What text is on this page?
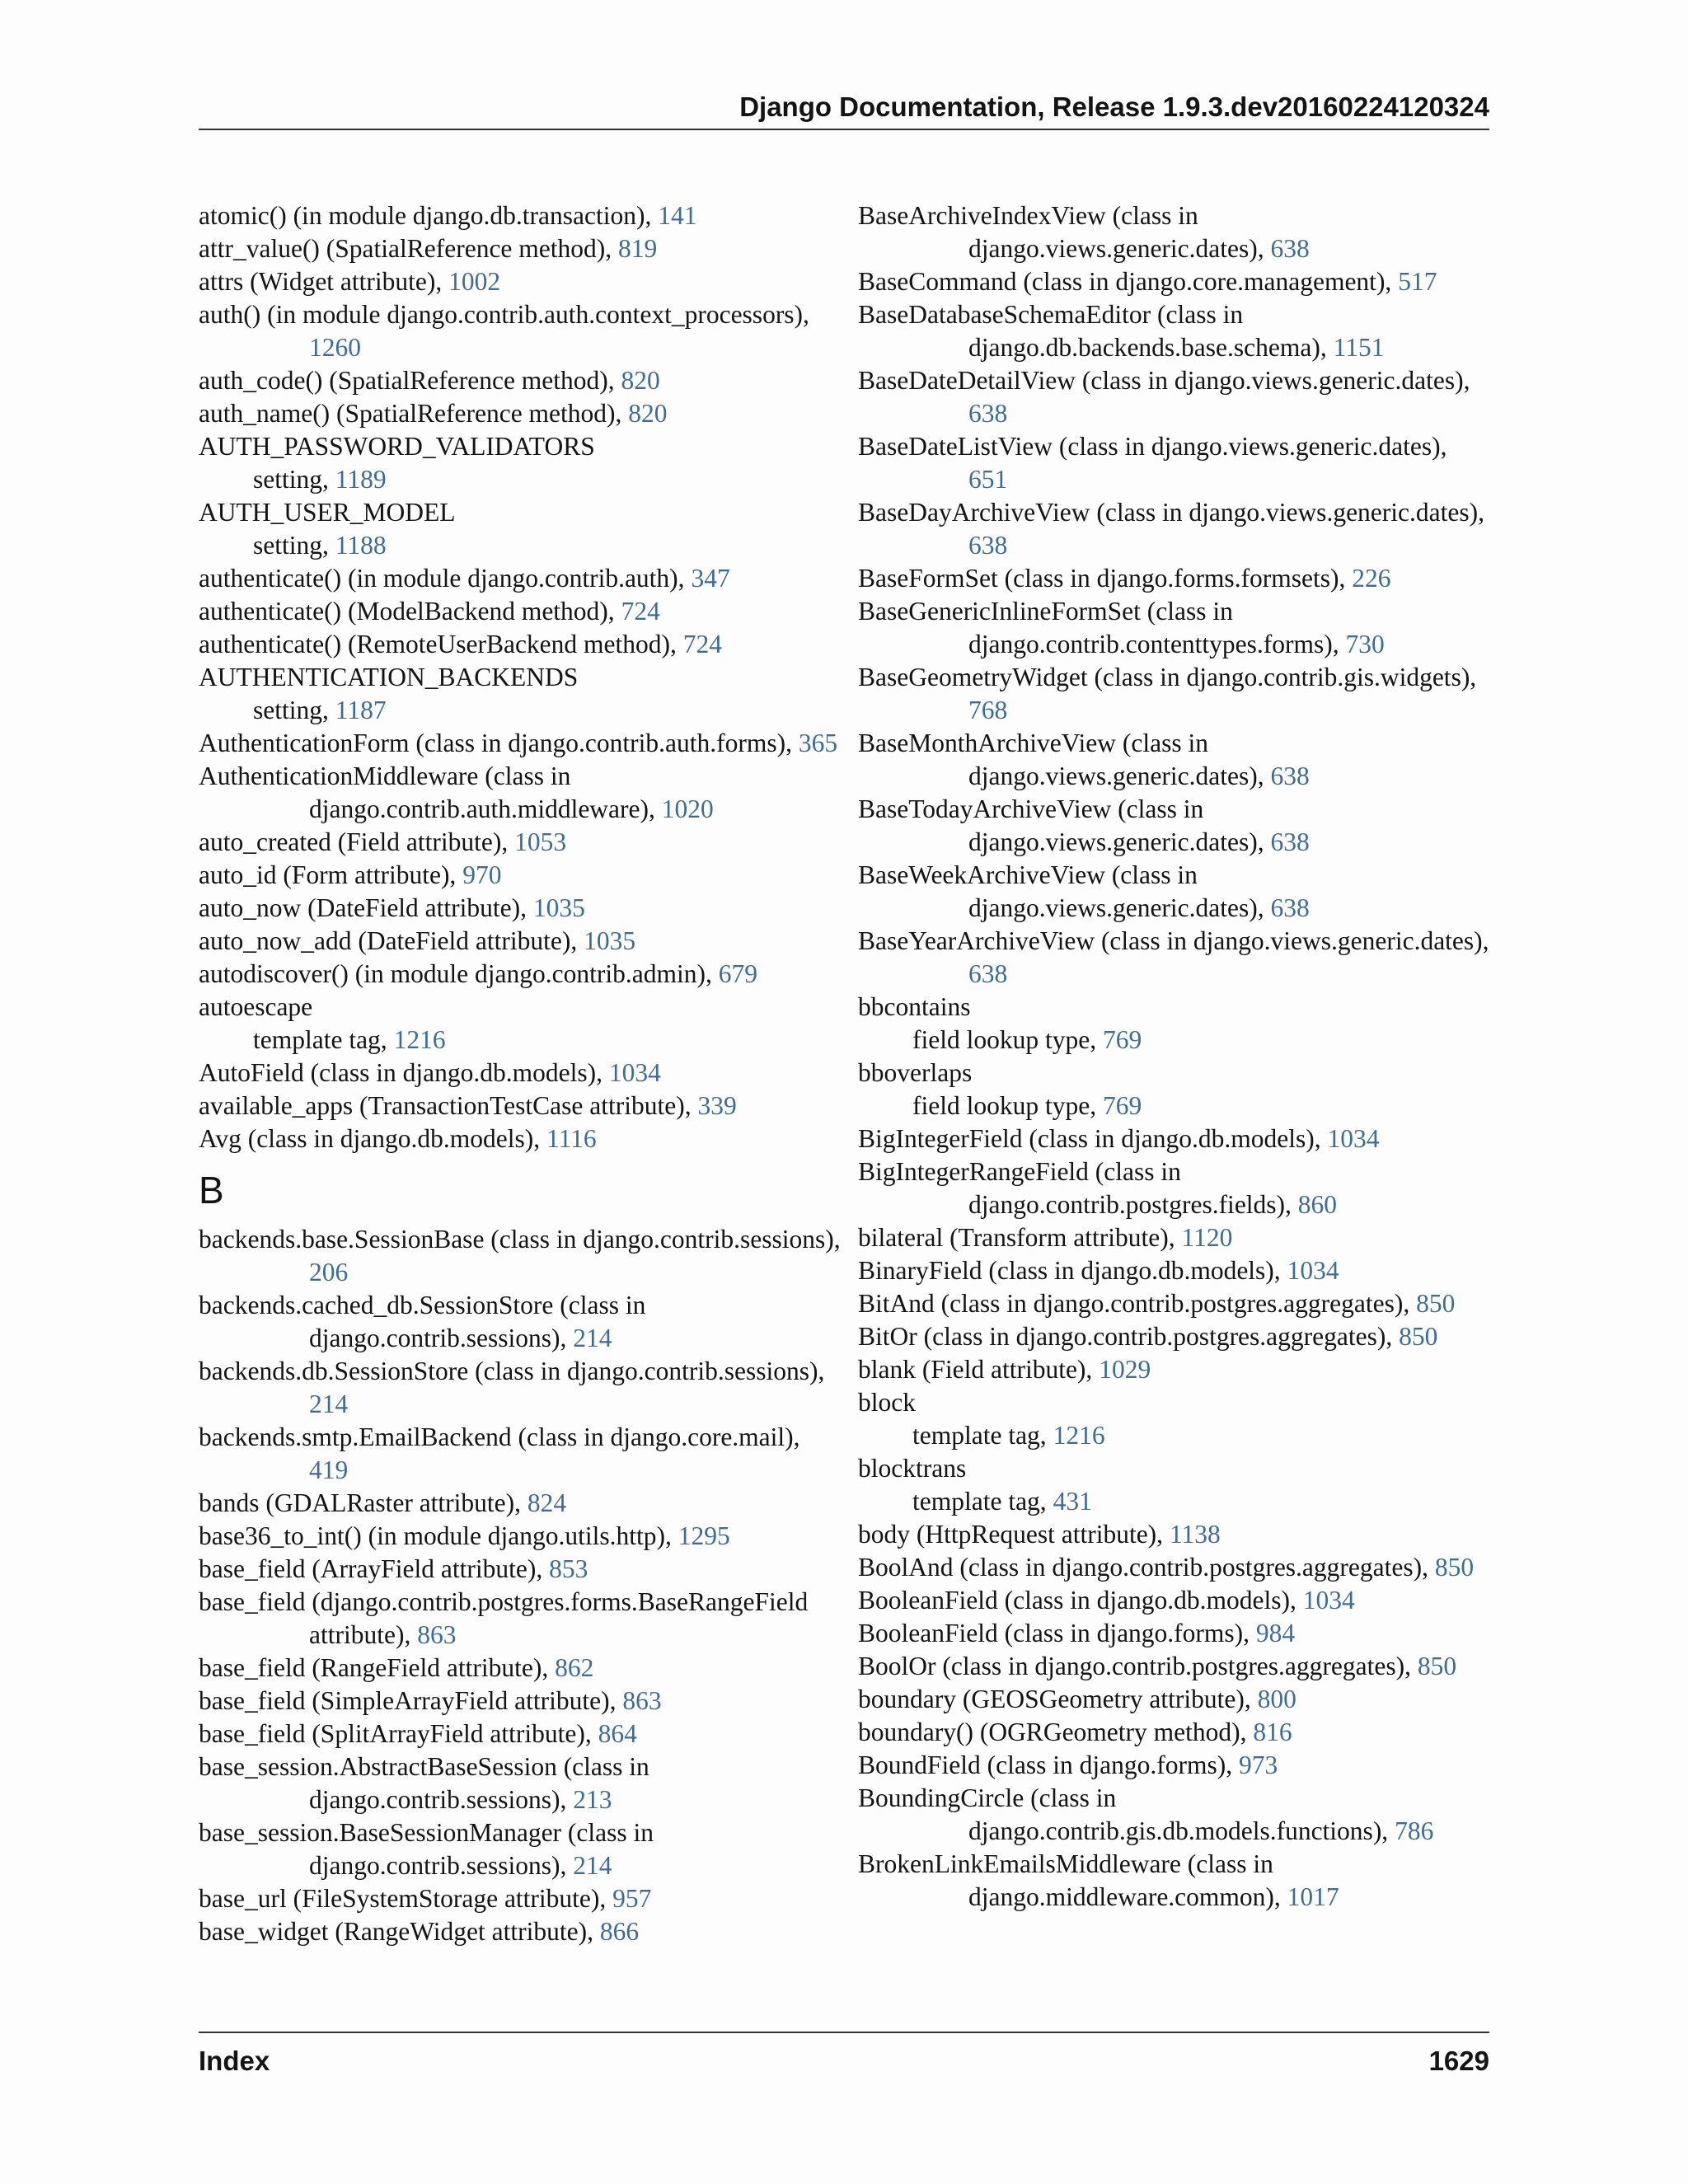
Django Documentation, Release 1.9.3.dev20160224120324
atomic() (in module django.db.transaction), 141
attr_value() (SpatialReference method), 819
attrs (Widget attribute), 1002
auth() (in module django.contrib.auth.context_processors), 1260
auth_code() (SpatialReference method), 820
auth_name() (SpatialReference method), 820
AUTH_PASSWORD_VALIDATORS
setting, 1189
AUTH_USER_MODEL
setting, 1188
authenticate() (in module django.contrib.auth), 347
authenticate() (ModelBackend method), 724
authenticate() (RemoteUserBackend method), 724
AUTHENTICATION_BACKENDS
setting, 1187
AuthenticationForm (class in django.contrib.auth.forms), 365
AuthenticationMiddleware (class in django.contrib.auth.middleware), 1020
auto_created (Field attribute), 1053
auto_id (Form attribute), 970
auto_now (DateField attribute), 1035
auto_now_add (DateField attribute), 1035
autodiscover() (in module django.contrib.admin), 679
autoescape
template tag, 1216
AutoField (class in django.db.models), 1034
available_apps (TransactionTestCase attribute), 339
Avg (class in django.db.models), 1116
B
backends.base.SessionBase (class in django.contrib.sessions), 206
backends.cached_db.SessionStore (class in django.contrib.sessions), 214
backends.db.SessionStore (class in django.contrib.sessions), 214
backends.smtp.EmailBackend (class in django.core.mail), 419
bands (GDALRaster attribute), 824
base36_to_int() (in module django.utils.http), 1295
base_field (ArrayField attribute), 853
base_field (django.contrib.postgres.forms.BaseRangeField attribute), 863
base_field (RangeField attribute), 862
base_field (SimpleArrayField attribute), 863
base_field (SplitArrayField attribute), 864
base_session.AbstractBaseSession (class in django.contrib.sessions), 213
base_session.BaseSessionManager (class in django.contrib.sessions), 214
base_url (FileSystemStorage attribute), 957
base_widget (RangeWidget attribute), 866
BaseArchiveIndexView (class in django.views.generic.dates), 638
BaseCommand (class in django.core.management), 517
BaseDatabaseSchemaEditor (class in django.db.backends.base.schema), 1151
BaseDateDetailView (class in django.views.generic.dates), 638
BaseDateListView (class in django.views.generic.dates), 651
BaseDayArchiveView (class in django.views.generic.dates), 638
BaseFormSet (class in django.forms.formsets), 226
BaseGenericInlineFormSet (class in django.contrib.contenttypes.forms), 730
BaseGeometryWidget (class in django.contrib.gis.widgets), 768
BaseMonthArchiveView (class in django.views.generic.dates), 638
BaseTodayArchiveView (class in django.views.generic.dates), 638
BaseWeekArchiveView (class in django.views.generic.dates), 638
BaseYearArchiveView (class in django.views.generic.dates), 638
bbcontains
field lookup type, 769
bboverlaps
field lookup type, 769
BigIntegerField (class in django.db.models), 1034
BigIntegerRangeField (class in django.contrib.postgres.fields), 860
bilateral (Transform attribute), 1120
BinaryField (class in django.db.models), 1034
BitAnd (class in django.contrib.postgres.aggregates), 850
BitOr (class in django.contrib.postgres.aggregates), 850
blank (Field attribute), 1029
block
template tag, 1216
blocktrans
template tag, 431
body (HttpRequest attribute), 1138
BoolAnd (class in django.contrib.postgres.aggregates), 850
BooleanField (class in django.db.models), 1034
BooleanField (class in django.forms), 984
BoolOr (class in django.contrib.postgres.aggregates), 850
boundary (GEOSGeometry attribute), 800
boundary() (OGRGeometry method), 816
BoundField (class in django.forms), 973
BoundingCircle (class in django.contrib.gis.db.models.functions), 786
BrokenLinkEmailsMiddleware (class in django.middleware.common), 1017
Index	1629
